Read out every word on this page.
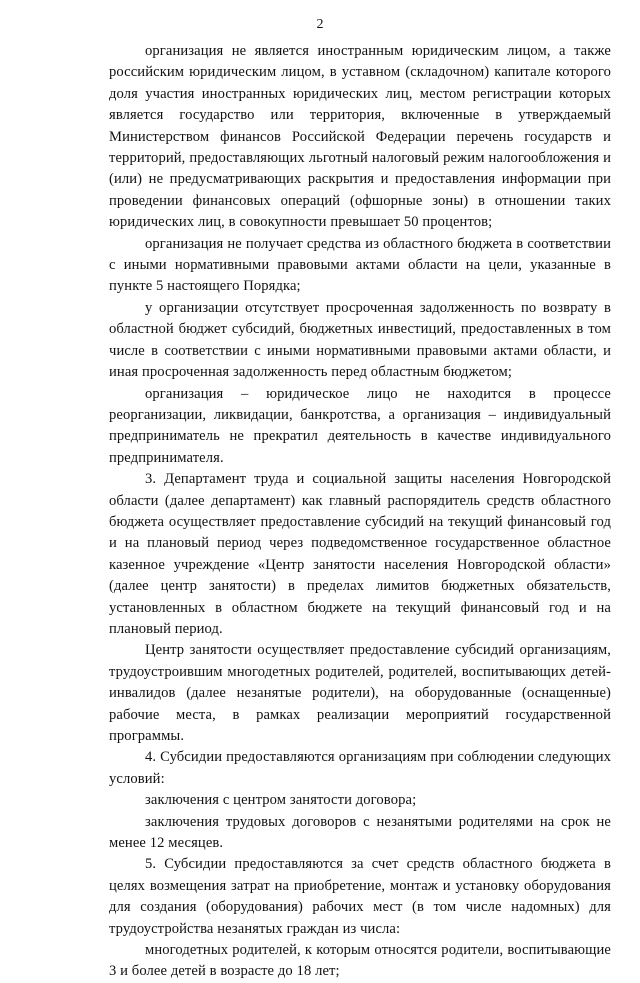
2

организация не является иностранным юридическим лицом, а также российским юридическим лицом, в уставном (складочном) капитале которого доля участия иностранных юридических лиц, местом регистрации которых является государство или территория, включенные в утверждаемый Министерством финансов Российской Федерации перечень государств и территорий, предоставляющих льготный налоговый режим налогообложения и (или) не предусматривающих раскрытия и предоставления информации при проведении финансовых операций (офшорные зоны) в отношении таких юридических лиц, в совокупности превышает 50 процентов;

организация не получает средства из областного бюджета в соответствии с иными нормативными правовыми актами области на цели, указанные в пункте 5 настоящего Порядка;

у организации отсутствует просроченная задолженность по возврату в областной бюджет субсидий, бюджетных инвестиций, предоставленных в том числе в соответствии с иными нормативными правовыми актами области, и иная просроченная задолженность перед областным бюджетом;

организация – юридическое лицо не находится в процессе реорганизации, ликвидации, банкротства, а организация – индивидуальный предприниматель не прекратил деятельность в качестве индивидуального предпринимателя.

3. Департамент труда и социальной защиты населения Новгородской области (далее департамент) как главный распорядитель средств областного бюджета осуществляет предоставление субсидий на текущий финансовый год и на плановый период через подведомственное государственное областное казенное учреждение «Центр занятости населения Новгородской области» (далее центр занятости) в пределах лимитов бюджетных обязательств, установленных в областном бюджете на текущий финансовый год и на плановый период.

Центр занятости осуществляет предоставление субсидий организациям, трудоустроившим многодетных родителей, родителей, воспитывающих детей-инвалидов (далее незанятые родители), на оборудованные (оснащенные) рабочие места, в рамках реализации мероприятий государственной программы.

4. Субсидии предоставляются организациям при соблюдении следующих условий:

заключения с центром занятости договора;

заключения трудовых договоров с незанятыми родителями на срок не менее 12 месяцев.

5. Субсидии предоставляются за счет средств областного бюджета в целях возмещения затрат на приобретение, монтаж и установку оборудования для создания (оборудования) рабочих мест (в том числе надомных) для трудоустройства незанятых граждан из числа:

многодетных родителей, к которым относятся родители, воспитывающие 3 и более детей в возрасте до 18 лет;
